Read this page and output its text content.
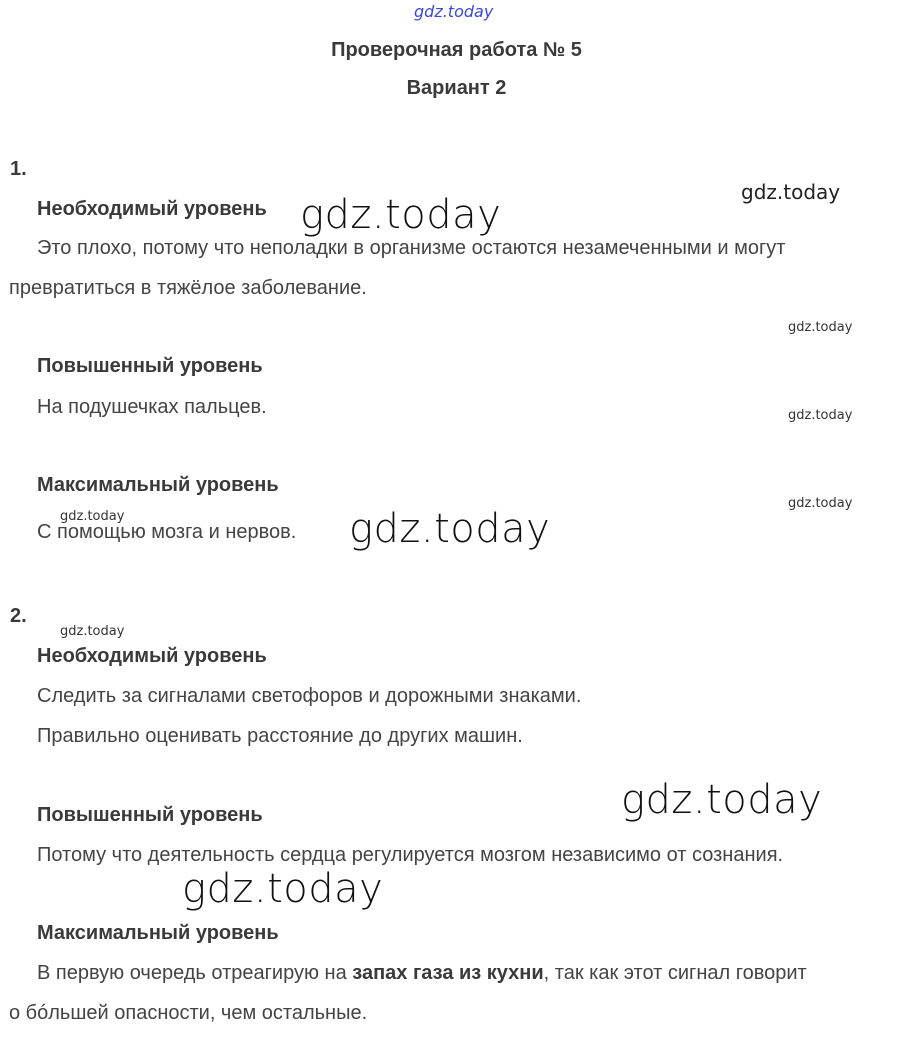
gdz.today
Проверочная работа № 5
Вариант 2
1.
Необходимый уровень
Это плохо, потому что неполадки в организме остаются незамеченными и могут
превратиться в тяжёлое заболевание.
Повышенный уровень
На подушечках пальцев.
Максимальный уровень
С помощью мозга и нервов.
2.
Необходимый уровень
Следить за сигналами светофоров и дорожными знаками.
Правильно оценивать расстояние до других машин.
Повышенный уровень
Потому что деятельность сердца регулируется мозгом независимо от сознания.
Максимальный уровень
В первую очередь отреагирую на запах газа из кухни, так как этот сигнал говорит
о бóльшей опасности, чем остальные.
gdz.today	gdz.today
gdz.today
gdz.today
gdz.today
gdz.today	gdz.today
gdz.today
gdz.today
gdz.today
